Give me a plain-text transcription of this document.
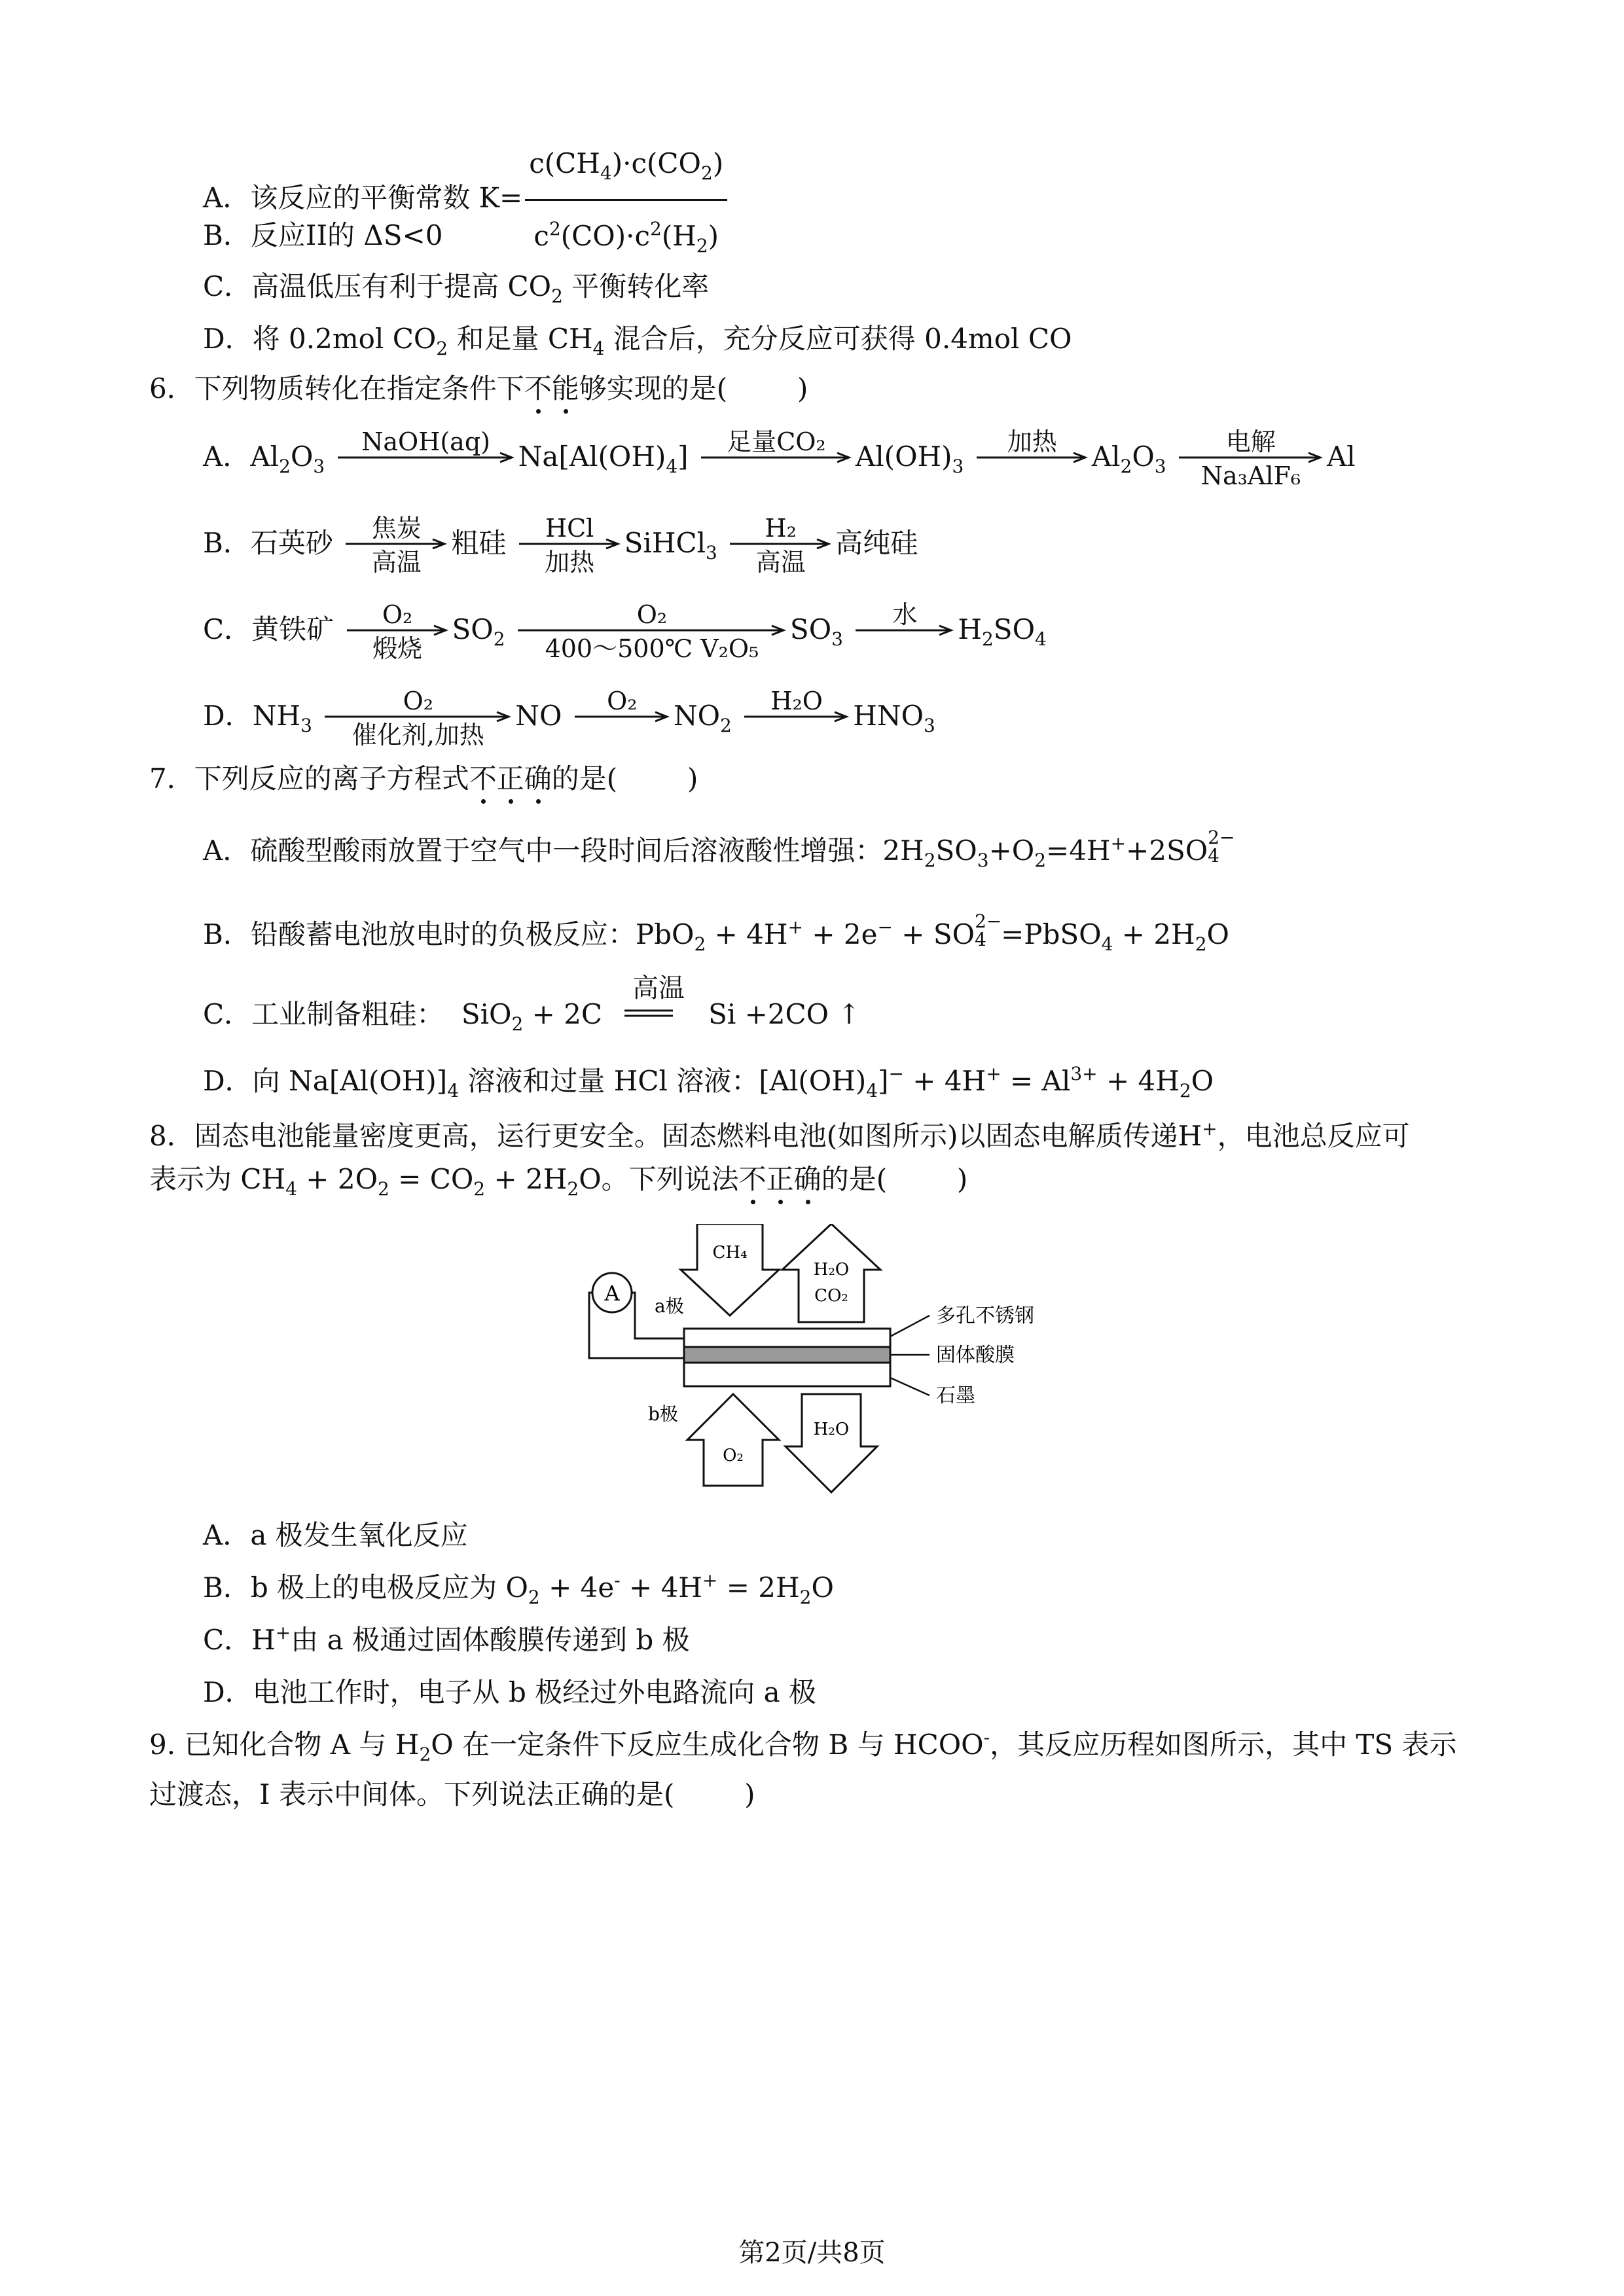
A．该反应的平衡常数 $K= \frac{c(CH_4)\cdot c(CO_2)}{c^2(CO)\cdot c^2(H_2)}$
B．反应II的 ΔS<0
C．高温低压有利于提高 $CO_2$ 平衡转化率
D．将 0.2mol $CO_2$ 和足量 $CH_4$ 混合后，充分反应可获得 0.4mol CO
6．下列物质转化在指定条件下不能够实现的是(        )
A．$Al_2O_3$
NaOH(aq)	$Na[Al(OH)_4]$	足量CO₂	$Al(OH)_3$
加热	$Al_2O_3$
电解
Na₃AlF₆
Al
B．石英砂	焦炭
高温
粗硅	HCl
加热
SiHCl$_3$
H₂
高温
高纯硅
C．黄铁矿	O₂
煅烧
$SO_2$
O₂
400～500℃ V₂O₅
$SO_3$
水	$H_2SO_4$
D．$NH_3$
O₂
催化剂,加热
NO	O₂	$NO_2$
H₂O	$HNO_3$
7．下列反应的离子方程式不正确的是(        )
A．硫酸型酸雨放置于空气中一段时间后溶液酸性增强：$2H_2SO_3+O_2=4H^++2SO$ 2−
4
B．铅酸蓄电池放电时的负极反应：PbO$_2$ + 4H+ + 2e− + SO 2−
4 =PbSO$_4$ + $2H_2O$
C．工业制备粗硅：  SiO$_2$ + 2C
高温
Si +2CO ↑
D．向 $Na[Al(OH)]_4$ 溶液和过量 HCl 溶液：$[Al(OH)_4]^- + 4H^+ = Al^{3+} + 4H_2O$
8．固态电池能量密度更高，运行更安全。固态燃料电池(如图所示)以固态电解质传递H+，电池总反应可
表示为 $CH_4 + 2O_2 = CO_2 + 2H_2O$。下列说法不正确的是(        )
A
a极
b极
CH₄
H₂O
CO₂
O₂
H₂O
多孔不锈钢
固体酸膜
石墨
A．a 极发生氧化反应
B．b 极上的电极反应为 $O_2 + 4e^- + 4H^+ = 2H_2O$
C．H+由 a 极通过固体酸膜传递到 b 极
D．电池工作时，电子从 b 极经过外电路流向 a 极
9. 已知化合物 A 与 $H_2O$ 在一定条件下反应生成化合物 B 与 HCOO-，其反应历程如图所示，其中 TS 表示
过渡态，I 表示中间体。下列说法正确的是(        )
第2页/共8页
